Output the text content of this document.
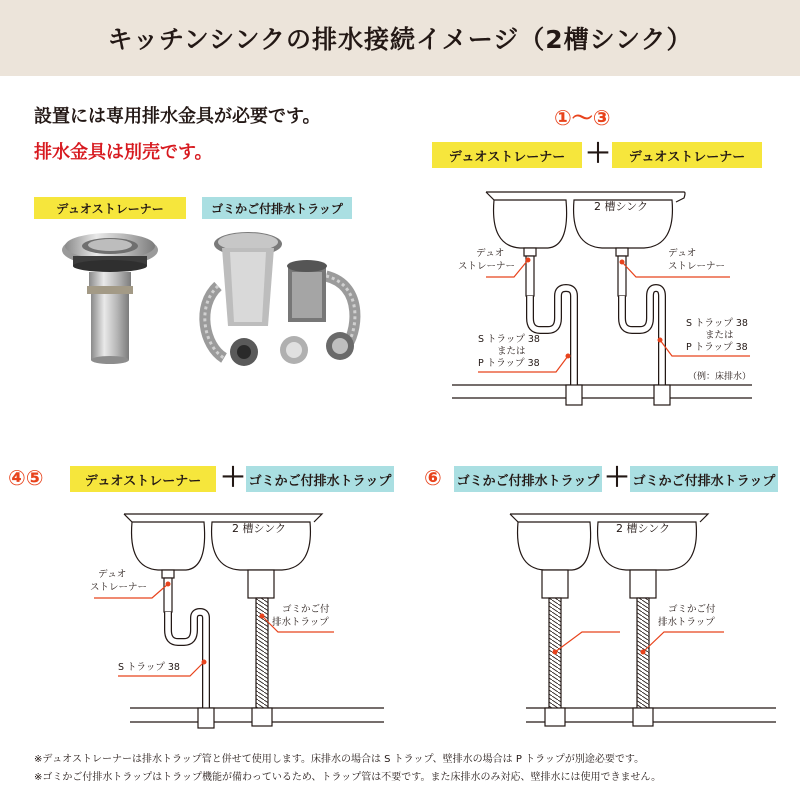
キッチンシンクの排水接続イメージ（2槽シンク）
設置には専用排水金具が必要です。
排水金具は別売です。
デュオストレーナー	ゴミかご付排水トラップ
①〜③
デュオストレーナー ＋	デュオストレーナー
④⑤	デュオストレーナー ＋ ゴミかご付排水トラップ ⑥ ゴミかご付排水トラップ ＋ ゴミかご付排水トラップ
2 槽シンク
デュオ
ストレーナー
デュオ
ストレーナー
S トラップ 38
または
P トラップ 38
S トラップ 38
または
P トラップ 38
（例：床排水）
2 槽シンク
デュオ
ストレーナー
S トラップ 38
ゴミかご付
排水トラップ
2 槽シンク
ゴミかご付
排水トラップ
※デュオストレーナーは排水トラップ管と併せて使用します。床排水の場合は S トラップ、壁排水の場合は P トラップが別途必要です。
※ゴミかご付排水トラップはトラップ機能が備わっているため、トラップ管は不要です。また床排水のみ対応、壁排水には使用できません。
